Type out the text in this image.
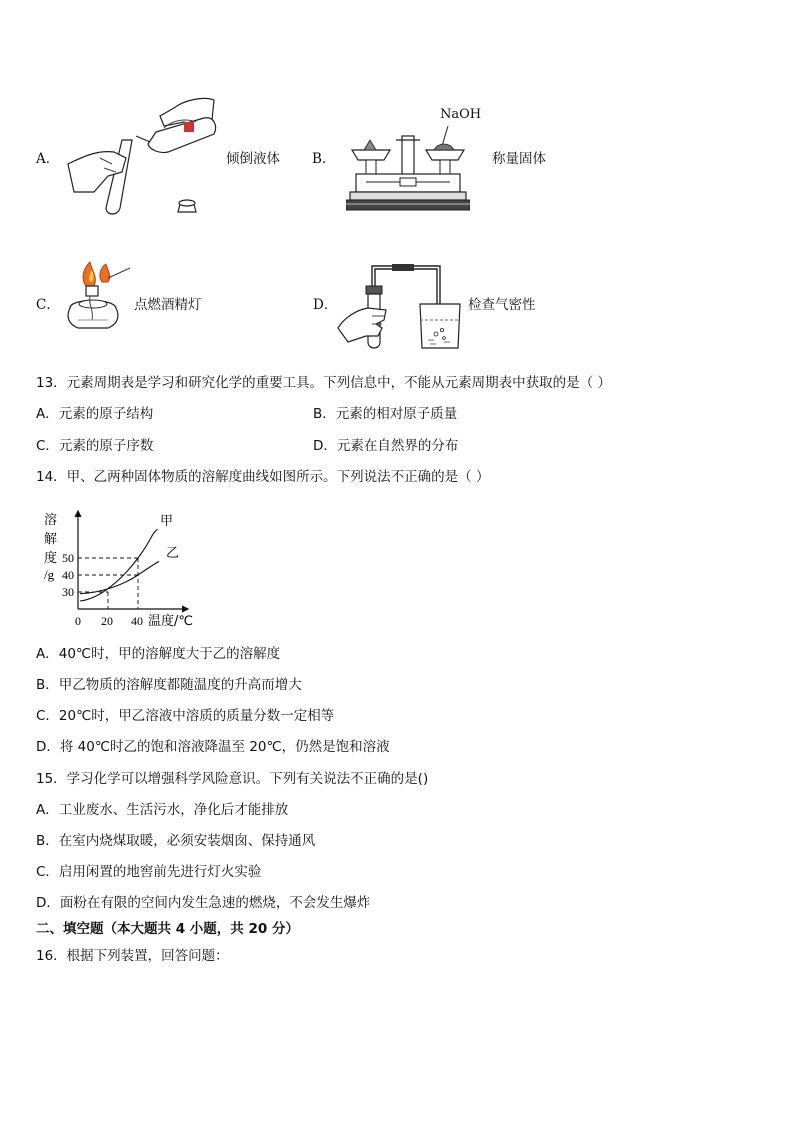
A．	倾倒液体 B．
NaOH
称量固体
C．	点燃酒精灯	D．	检查气密性
13．元素周期表是学习和研究化学的重要工具。下列信息中，不能从元素周期表中获取的是（ ）
A．元素的原子结构	B．元素的相对原子质量
C．元素的原子序数	D．元素在自然界的分布
14．甲、乙两种固体物质的溶解度曲线如图所示。下列说法不正确的是（ ）
溶
解
度
/g
30
40
50
0 20 40 温度/℃
甲
乙
A．40℃时，甲的溶解度大于乙的溶解度
B．甲乙物质的溶解度都随温度的升高而增大
C．20℃时，甲乙溶液中溶质的质量分数一定相等
D．将 40℃时乙的饱和溶液降温至 20℃，仍然是饱和溶液
15．学习化学可以增强科学风险意识。下列有关说法不正确的是()
A．工业废水、生活污水，净化后才能排放
B．在室内烧煤取暖，必须安装烟囱、保持通风
C．启用闲置的地窖前先进行灯火实验
D．面粉在有限的空间内发生急速的燃烧，不会发生爆炸
二、填空题（本大题共 4 小题，共 20 分）
16．根据下列装置，回答问题：
